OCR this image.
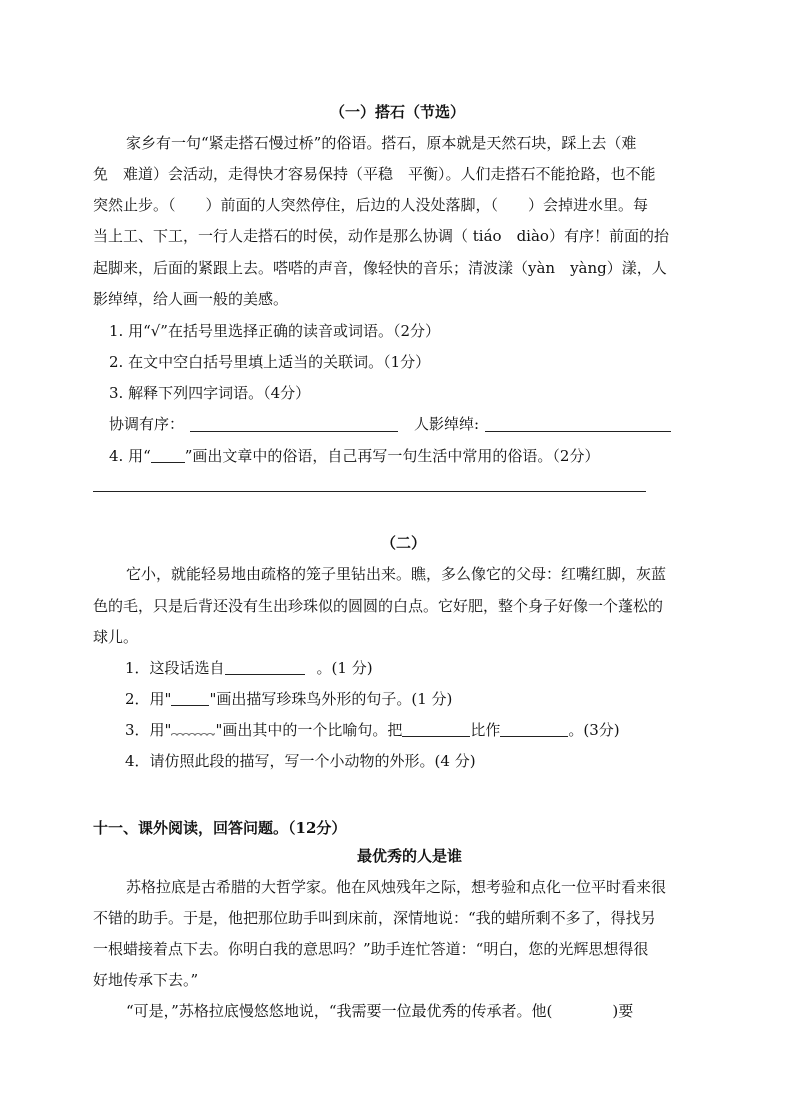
（一）搭石（节选）
家乡有一句“紧走搭石慢过桥”的俗语。搭石，原本就是天然石块，踩上去（难
免　难道）会活动，走得快才容易保持（平稳　平衡）。人们走搭石不能抢路，也不能
突然止步。（　　）前面的人突然停住，后边的人没处落脚，（　　）会掉进水里。每
当上工、下工，一行人走搭石的时侯，动作是那么协调（ tiáo　diào）有序！前面的抬
起脚来，后面的紧跟上去。嗒嗒的声音，像轻快的音乐；清波漾（yàn　yàng）漾，人
影绰绰，给人画一般的美感。
1. 用“√”在括号里选择正确的读音或词语。（2分）
2. 在文中空白括号里填上适当的关联词。（1分）
3. 解释下列四字词语。（4分）
协调有序：	人影绰绰:
4. 用“ ”画出文章中的俗语，自己再写一句生活中常用的俗语。（2分）
（二）
它小，就能轻易地由疏格的笼子里钻出来。瞧，多么像它的父母：红嘴红脚，灰蓝
色的毛，只是后背还没有生出珍珠似的圆圆的白点。它好肥，整个身子好像一个蓬松的
球儿。
1．这段话选自	。(1 分)
2．用"	"画出描写珍珠鸟外形的句子。(1 分)
3．用"	"画出其中的一个比喻句。把	比作	。(3分)
4．请仿照此段的描写，写一个小动物的外形。(4 分)
十一、课外阅读，回答问题。（12分）
最优秀的人是谁
苏格拉底是古希腊的大哲学家。他在风烛残年之际，想考验和点化一位平时看来很
不错的助手。于是，他把那位助手叫到床前，深情地说：“我的蜡所剩不多了，得找另
一根蜡接着点下去。你明白我的意思吗？”助手连忙答道：“明白，您的光辉思想得很
好地传承下去。”
“可是，”苏格拉底慢悠悠地说，“我需要一位最优秀的传承者。他(　　　　)要
